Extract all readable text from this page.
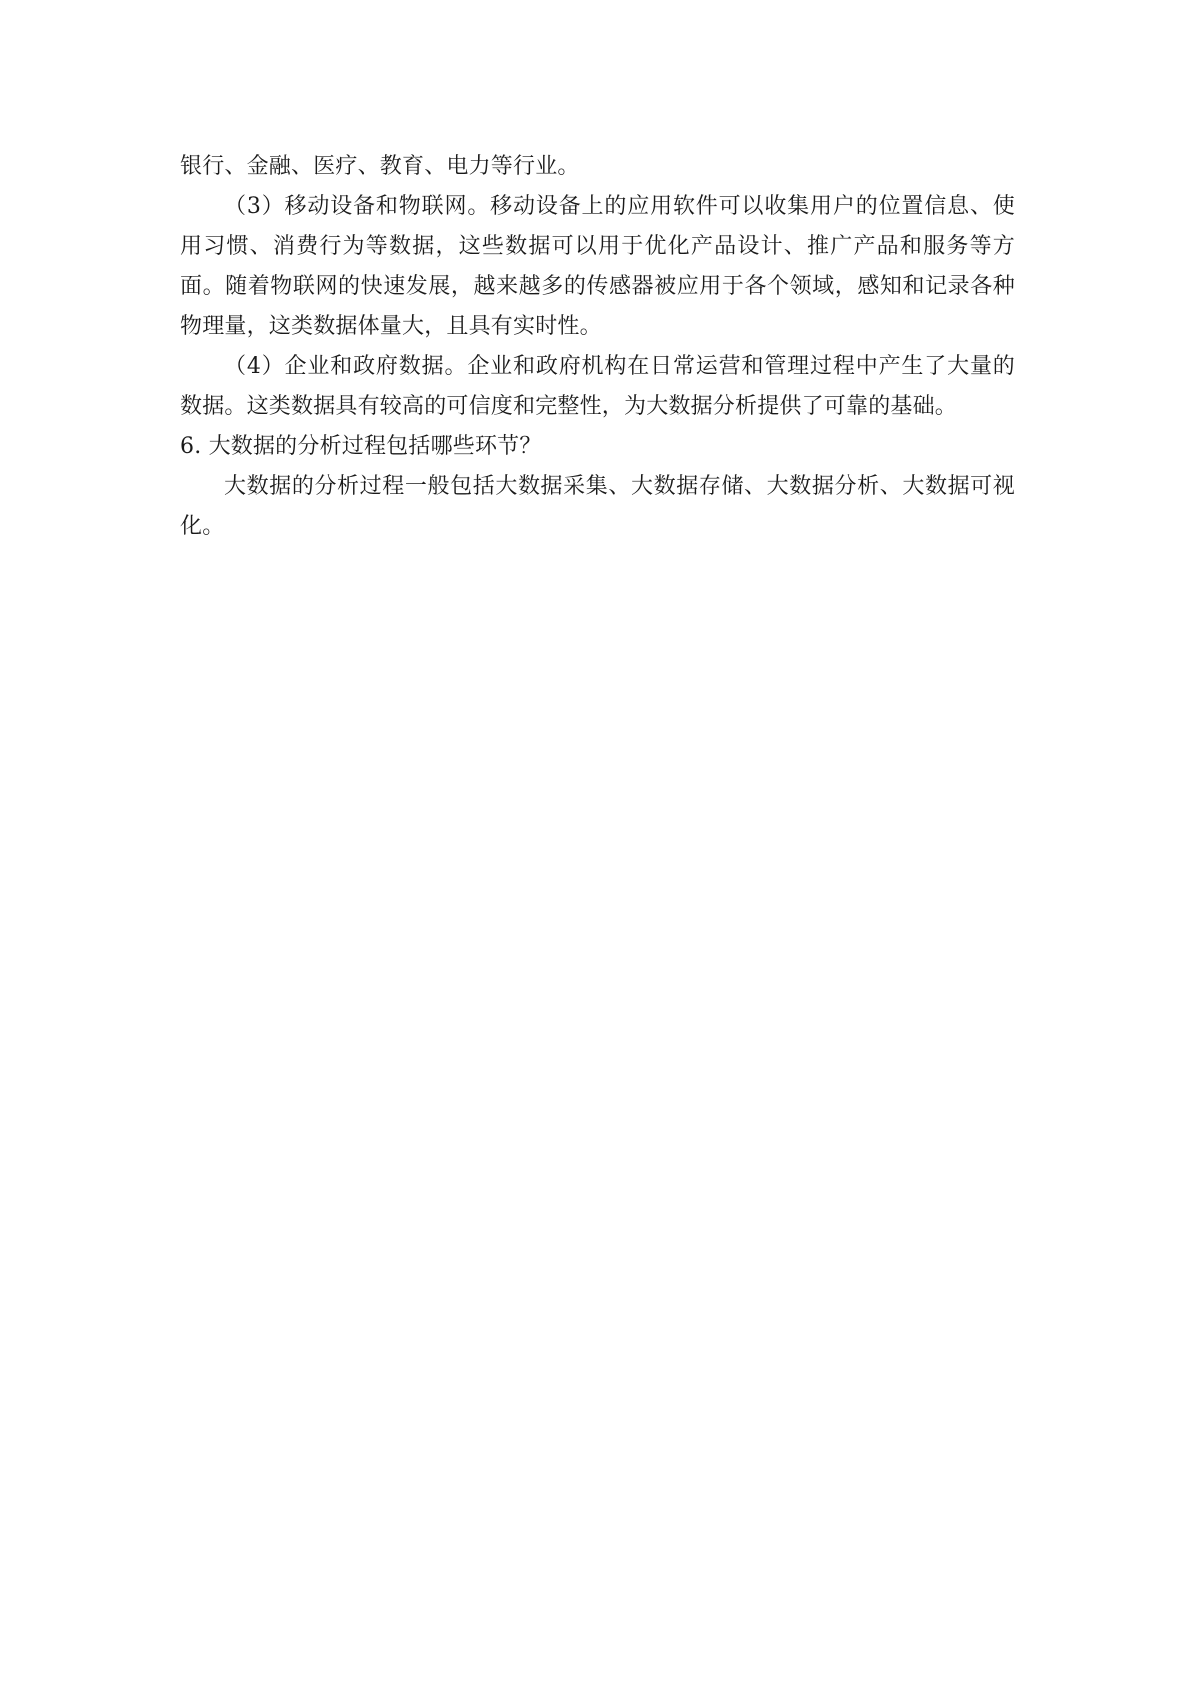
银行、金融、医疗、教育、电力等行业。

（3）移动设备和物联网。移动设备上的应用软件可以收集用户的位置信息、使用习惯、消费行为等数据，这些数据可以用于优化产品设计、推广产品和服务等方面。随着物联网的快速发展，越来越多的传感器被应用于各个领域，感知和记录各种物理量，这类数据体量大，且具有实时性。

（4）企业和政府数据。企业和政府机构在日常运营和管理过程中产生了大量的数据。这类数据具有较高的可信度和完整性，为大数据分析提供了可靠的基础。

6. 大数据的分析过程包括哪些环节？

大数据的分析过程一般包括大数据采集、大数据存储、大数据分析、大数据可视化。
